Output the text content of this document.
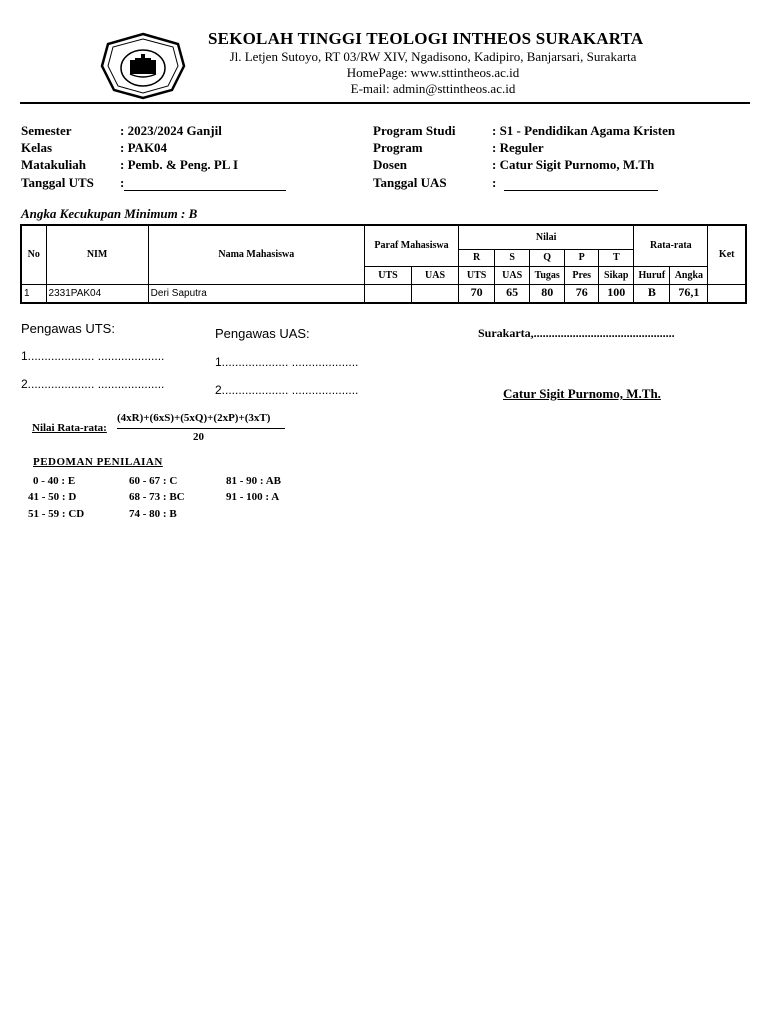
SEKOLAH TINGGI TEOLOGI INTHEOS SURAKARTA
Jl. Letjen Sutoyo, RT 03/RW XIV, Ngadisono, Kadipiro, Banjarsari, Surakarta
HomePage: www.sttintheos.ac.id
E-mail: admin@sttintheos.ac.id
Semester	: 2023/2024 Ganjil
Kelas	: PAK04
Matakuliah	: Pemb. & Peng. PL I
Tanggal UTS :
Program Studi	: S1 - Pendidikan Agama Kristen
Program	: Reguler
Dosen	: Catur Sigit Purnomo, M.Th
Tanggal UAS	:
Angka Kecukupan Minimum : B
No	NIM	Nama Mahasiswa	Paraf Mahasiswa		Nilai					Rata-rata		Ket
					R	S	Q	P	T			
			UTS	UAS	UTS	UAS	Tugas	Pres	Sikap	Huruf	Angka	
1	2331PAK04	Deri Saputra			70	65	80	76	100	B	76,1	
Pengawas UTS:
1.................... ....................
2.................... ....................
Pengawas UAS:
1.................... ....................
2.................... ....................
Surakarta,...............................................
Catur Sigit Purnomo, M.Th.
Nilai Rata-rata:
(4xR)+(6xS)+(5xQ)+(2xP)+(3xT)
20
PEDOMAN PENILAIAN
0 - 40 : E
41 - 50 : D
51 - 59 : CD
60 - 67 : C
68 - 73 : BC
74 - 80 : B
81 - 90 : AB
91 - 100 : A
